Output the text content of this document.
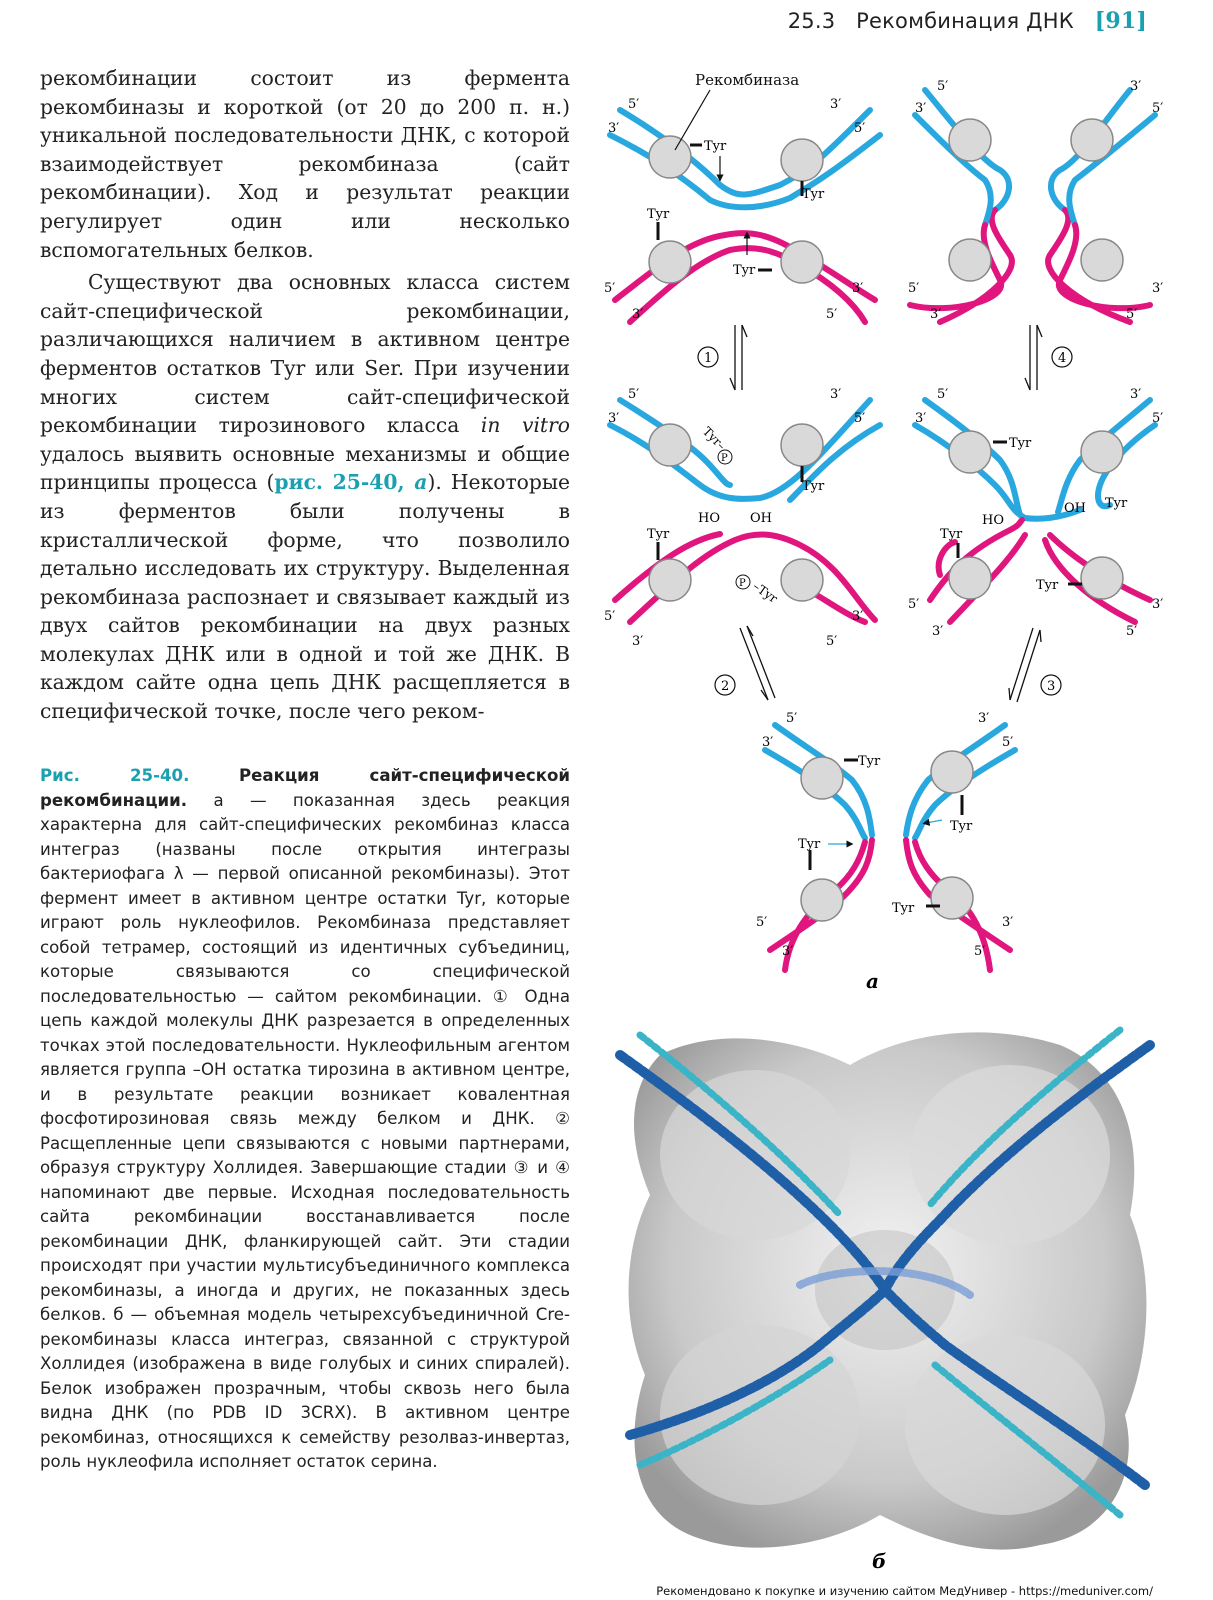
25.3 Рекомбинация ДНК [91]

рекомбинации состоит из фермента рекомбиназы и короткой (от 20 до 200 п. н.) уникальной последовательности ДНК, с которой взаимодействует рекомбиназа (сайт рекомбинации). Ход и результат реакции регулирует один или несколько вспомогательных белков.

Существуют два основных класса систем сайт-специфической рекомбинации, различающихся наличием в активном центре ферментов остатков Tyr или Ser. При изучении многих систем сайт-специфической рекомбинации тирозинового класса in vitro удалось выявить основные механизмы и общие принципы процесса (рис. 25-40, а). Некоторые из ферментов были получены в кристаллической форме, что позволило детально исследовать их структуру. Выделенная рекомбиназа распознает и связывает каждый из двух сайтов рекомбинации на двух разных молекулах ДНК или в одной и той же ДНК. В каждом сайте одна цепь ДНК расщепляется в специфической точке, после чего реком-

Рис. 25-40.	Реакция сайт-специфической рекомбинации. а — показанная здесь реакция характерна для сайт-специфических рекомбиназ класса интеграз (названы после открытия интегразы бактериофага λ — первой описанной рекомбиназы). Этот фермент имеет в активном центре остатки Tyr, которые играют роль нуклеофилов. Рекомбиназа представляет собой тетрамер, состоящий из идентичных субъединиц, которые связываются со специфической последовательностью — сайтом рекомбинации. ① Одна цепь каждой молекулы ДНК разрезается в определенных точках этой последовательности. Нуклеофильным агентом является группа –OH остатка тирозина в активном центре, и в результате реакции возникает ковалентная фосфотирозиновая связь между белком и ДНК. ② Расщепленные цепи связываются с новыми партнерами, образуя структуру Холлидея. Завершающие стадии ③ и ④ напоминают две первые. Исходная последовательность сайта рекомбинации восстанавливается после рекомбинации ДНК, фланкирующей сайт. Эти стадии происходят при участии мультисубъединичного комплекса рекомбиназы, а иногда и других, не показанных здесь белков. б — объемная модель четырехсубъединичной Cre-рекомбиназы класса интеграз, связанной с структурой Холлидея (изображена в виде голубых и синих спиралей). Белок изображен прозрачным, чтобы сквозь него была видна ДНК (по PDB ID 3CRX). В активном центре рекомбиназ, относящихся к семейству резолваз-инвертаз, роль нуклеофила исполняет остаток серина.

Рекомбиназа
Tyr
Tyr
Tyr
Tyr
5′
3′
3′
5′
5′
3′
3′
5′
5′
3′
3′
5′
5′
3′
3′
5′
1	4
Tyr–
P
Tyr
OH
HO
Tyr
P –Tyr
5′
3′
3′
5′
5′
3′
3′
5′
Tyr
OH Tyr
HO
Tyr
Tyr
5′
3′
3′
5′
5′
3′
3′
5′
2	3
Tyr
Tyr
Tyr
Tyr
5′
3′
3′
5′
5′
3′
3′
5′
а
б
Рекомендовано к покупке и изучению сайтом МедУнивер - https://meduniver.com/
